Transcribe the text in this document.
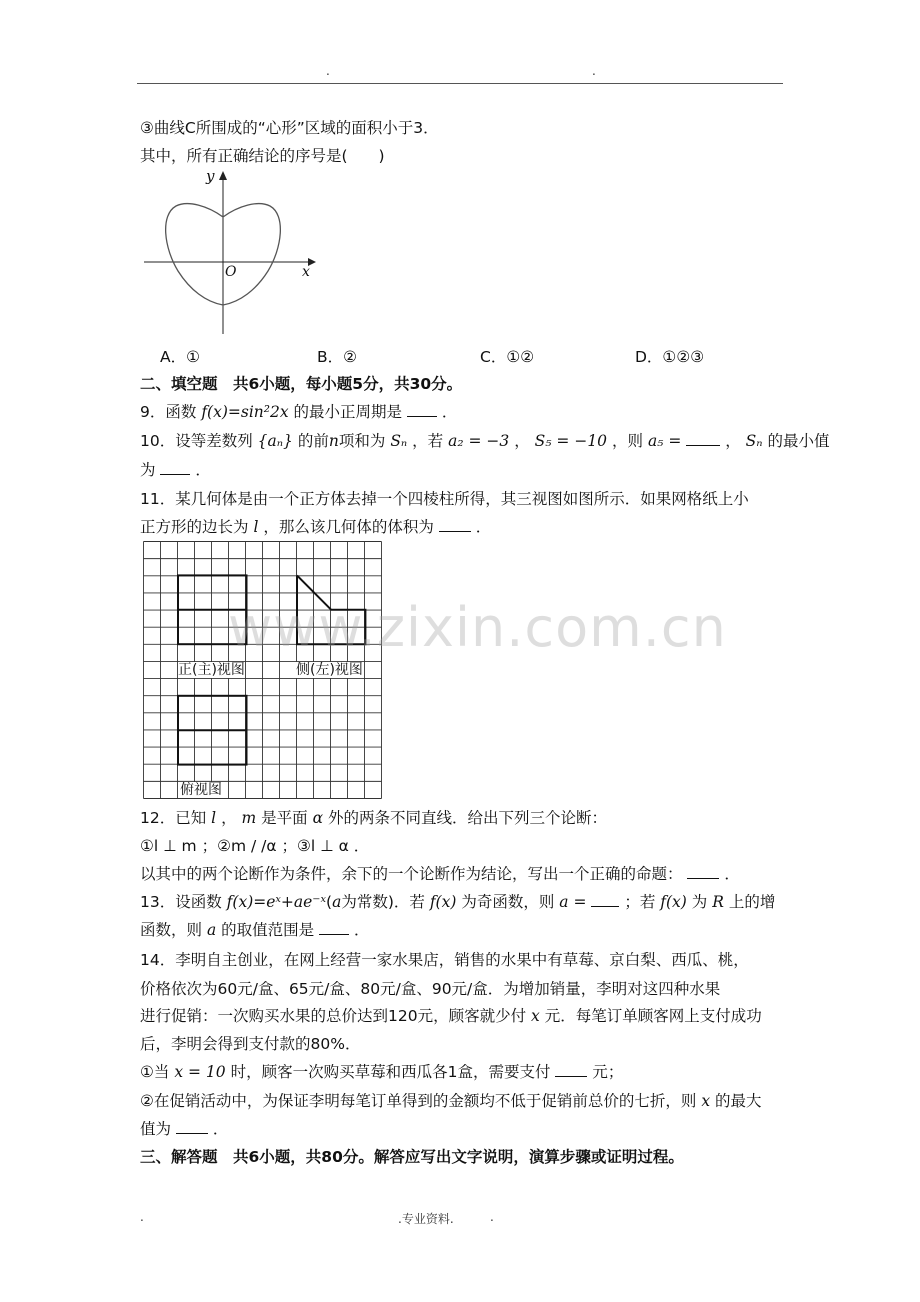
.	.
③曲线C所围成的“心形”区域的面积小于3．
其中，所有正确结论的序号是(　　)
y
x
O
A．①	B．②	C．①②	D．①②③
二、填空题　共6小题，每小题5分，共30分。
9．函数 f(x)=sin²2x 的最小正周期是	．
10．设等差数列 {aₙ} 的前n项和为 Sₙ ，若 a₂ = −3 ， S₅ = −10 ，则 a₅ =	， Sₙ 的最小值
为	．
11．某几何体是由一个正方体去掉一个四棱柱所得，其三视图如图所示．如果网格纸上小
正方形的边长为 l ，那么该几何体的体积为	．
正(主)视图	侧(左)视图
俯视图
www.zixin.com.cn
12．已知 l ， m 是平面 α 外的两条不同直线．给出下列三个论断：
①l ⊥ m ；②m / /α ；③l ⊥ α ．
以其中的两个论断作为条件，余下的一个论断作为结论，写出一个正确的命题：	．
13．设函数 f(x)=eˣ+ae⁻ˣ(a为常数)．若 f(x) 为奇函数，则 a = ；若 f(x) 为 R 上的增
函数，则 a 的取值范围是	．
14．李明自主创业，在网上经营一家水果店，销售的水果中有草莓、京白梨、西瓜、桃，
价格依次为60元/盒、65元/盒、80元/盒、90元/盒．为增加销量，李明对这四种水果
进行促销：一次购买水果的总价达到120元，顾客就少付 x 元．每笔订单顾客网上支付成功
后，李明会得到支付款的80%．
①当 x = 10 时，顾客一次购买草莓和西瓜各1盒，需要支付	元；
②在促销活动中，为保证李明每笔订单得到的金额均不低于促销前总价的七折，则 x 的最大
值为	．
三、解答题　共6小题，共80分。解答应写出文字说明，演算步骤或证明过程。
.	.专业资料.	.
